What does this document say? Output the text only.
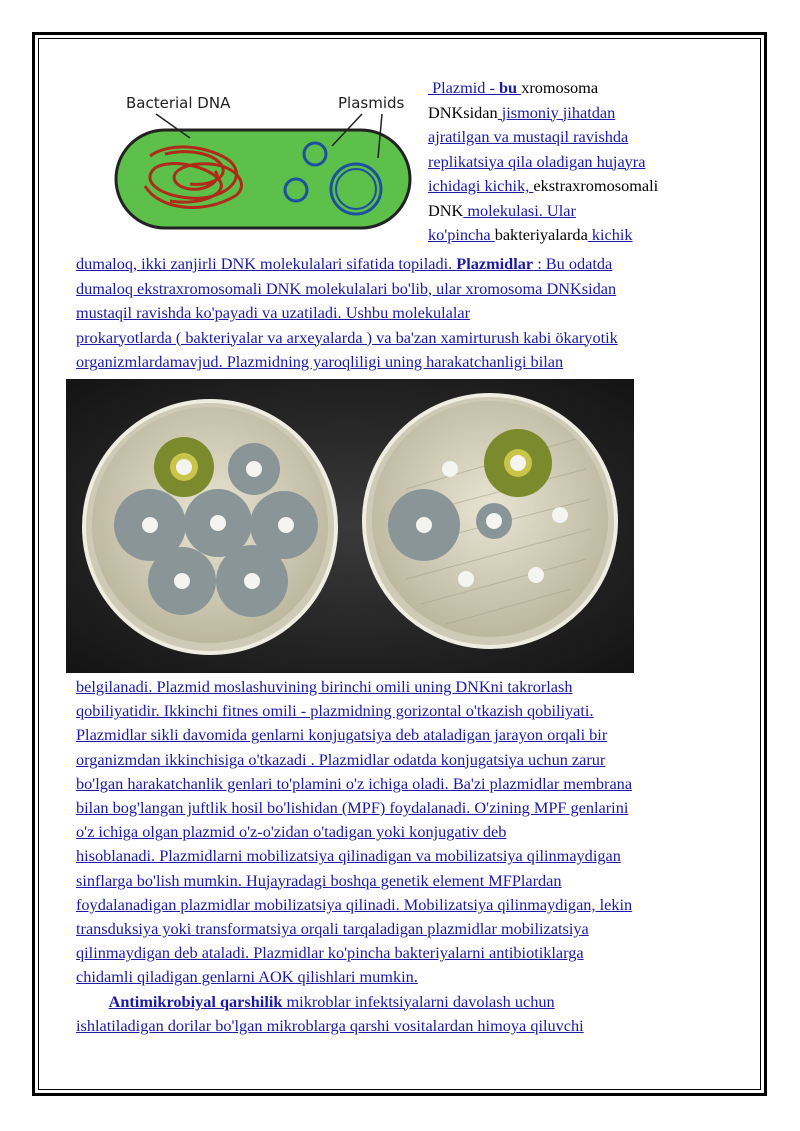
Bacterial DNA	Plasmids
Plazmid - bu xromosoma
DNKsidan jismoniy jihatdan
ajratilgan va mustaqil ravishda
replikatsiya qila oladigan hujayra
ichidagi kichik, ekstraxromosomali
DNK molekulasi. Ular
ko'pincha bakteriyalarda kichik
dumaloq, ikki zanjirli DNK molekulalari sifatida topiladi. Plazmidlar : Bu odatda
dumaloq ekstraxromosomali DNK molekulalari bo'lib, ular xromosoma DNKsidan
mustaqil ravishda ko'payadi va uzatiladi. Ushbu molekulalar
prokaryotlarda ( bakteriyalar va arxeyalarda ) va ba'zan xamirturush kabi ökaryotik
organizmlardamavjud. Plazmidning yaroqliligi uning harakatchanligi bilan
belgilanadi. Plazmid moslashuvining birinchi omili uning DNKni takrorlash
qobiliyatidir. Ikkinchi fitnes omili - plazmidning gorizontal o'tkazish qobiliyati.
Plazmidlar sikli davomida genlarni konjugatsiya deb ataladigan jarayon orqali bir
organizmdan ikkinchisiga o'tkazadi . Plazmidlar odatda konjugatsiya uchun zarur
bo'lgan harakatchanlik genlari to'plamini o'z ichiga oladi. Ba'zi plazmidlar membrana
bilan bog'langan juftlik hosil bo'lishidan (MPF) foydalanadi. O'zining MPF genlarini
o'z ichiga olgan plazmid o'z-o'zidan o'tadigan yoki konjugativ deb
hisoblanadi. Plazmidlarni mobilizatsiya qilinadigan va mobilizatsiya qilinmaydigan
sinflarga bo'lish mumkin. Hujayradagi boshqa genetik element MFPlardan
foydalanadigan plazmidlar mobilizatsiya qilinadi. Mobilizatsiya qilinmaydigan, lekin
transduksiya yoki transformatsiya orqali tarqaladigan plazmidlar mobilizatsiya
qilinmaydigan deb ataladi. Plazmidlar ko'pincha bakteriyalarni antibiotiklarga
chidamli qiladigan genlarni AOK qilishlari mumkin.
Antimikrobiyal qarshilik mikroblar infektsiyalarni davolash uchun
ishlatiladigan dorilar bo'lgan mikroblarga qarshi vositalardan himoya qiluvchi
